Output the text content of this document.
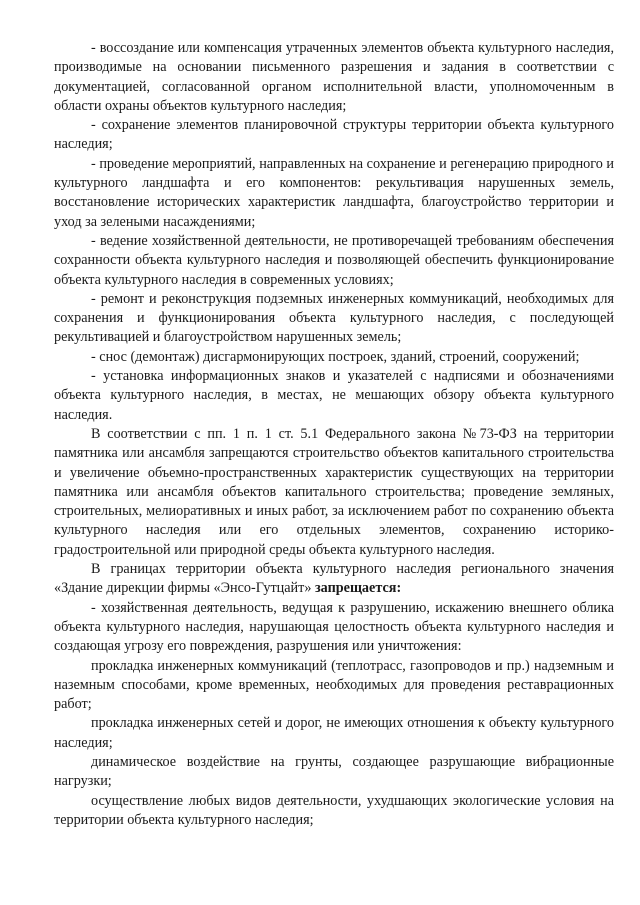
- воссоздание или компенсация утраченных элементов объекта культурного наследия, производимые на основании письменного разрешения и задания в соответствии с документацией, согласованной органом исполнительной власти, уполномоченным в области охраны объектов культурного наследия;

- сохранение элементов планировочной структуры территории объекта культурного наследия;

- проведение мероприятий, направленных на сохранение и регенерацию природного и культурного ландшафта и его компонентов: рекультивация нарушенных земель, восстановление исторических характеристик ландшафта, благоустройство территории и уход за зелеными насаждениями;

- ведение хозяйственной деятельности, не противоречащей требованиям обеспечения сохранности объекта культурного наследия и позволяющей обеспечить функционирование объекта культурного наследия в современных условиях;

- ремонт и реконструкция подземных инженерных коммуникаций, необходимых для сохранения и функционирования объекта культурного наследия, с последующей рекультивацией и благоустройством нарушенных земель;

- снос (демонтаж) дисгармонирующих построек, зданий, строений, сооружений;

- установка информационных знаков и указателей с надписями и обозначениями объекта культурного наследия, в местах, не мешающих обзору объекта культурного наследия.

В соответствии с пп. 1 п. 1 ст. 5.1 Федерального закона №73-ФЗ на территории памятника или ансамбля запрещаются строительство объектов капитального строительства и увеличение объемно-пространственных характеристик существующих на территории памятника или ансамбля объектов капитального строительства; проведение земляных, строительных, мелиоративных и иных работ, за исключением работ по сохранению объекта культурного наследия или его отдельных элементов, сохранению историко-градостроительной или природной среды объекта культурного наследия.

В границах территории объекта культурного наследия регионального значения «Здание дирекции фирмы «Энсо-Гутцайт» запрещается:

- хозяйственная деятельность, ведущая к разрушению, искажению внешнего облика объекта культурного наследия, нарушающая целостность объекта культурного наследия и создающая угрозу его повреждения, разрушения или уничтожения:

прокладка инженерных коммуникаций (теплотрасс, газопроводов и пр.) надземным и наземным способами, кроме временных, необходимых для проведения реставрационных работ;

прокладка инженерных сетей и дорог, не имеющих отношения к объекту культурного наследия;

динамическое воздействие на грунты, создающее разрушающие вибрационные нагрузки;

осуществление любых видов деятельности, ухудшающих экологические условия на территории объекта культурного наследия;
